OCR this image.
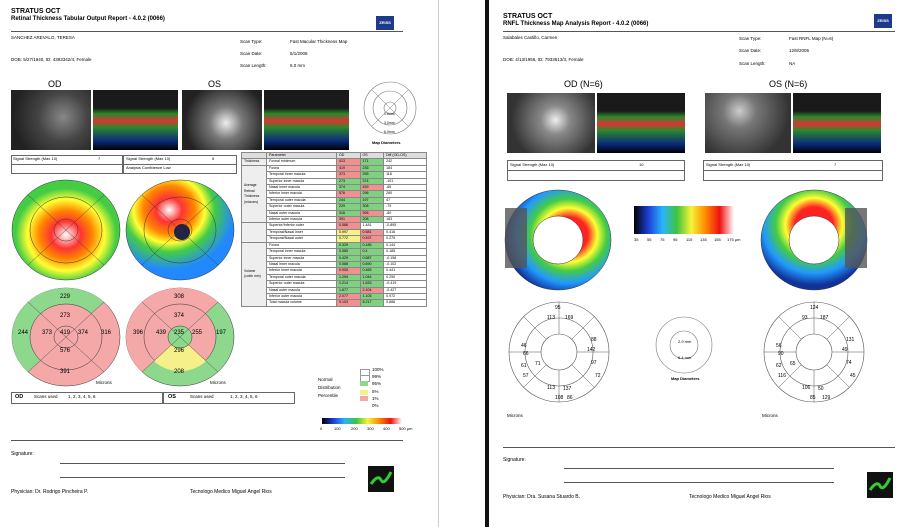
STRATUS OCT
Retinal Thickness Tabular Output Report - 4.0.2 (0066)
ZEISS
SANCHEZ AREVALO, TERESA
DOB: 5/27/1940, ID: 4393342/4, Female
Scan Type:	Fast Macular Thickness Map
Scan Date:	5/1/2006
Scan Length:	6.0 mm
OD	OS
1.0mm
3.0mm
6.0mm
Map Diameters
Signal Strength (Max 10)	7	Signal Strength (Max 10)	5
Analysis Confidence Low
229
273
244 373 419 374 316
576
391
308
374
396 439 235 255 197
296
208
Microns	Microns
	Parameter	OD	OS	Diff (OD-OS)
Thickness	Foveal minimum	413	171	242
Average Retinal Thickness (microns)	Fovea	419	235	184
	Temporal inner macula	373	255	118
	Superior inner macula	273	374	-101
	Nasal inner macula	374	439	-65
	Inferior inner macula	576	296	280
	Temporal outer macula	244	197	47
	Superior outer macula	229	308	-79
	Nasal outer macula	316	396	-80
	Inferior outer macula	391	208	183
	Superior/Inferior outer	0.586	1.481	-0.895
	Temporal/Nasal inner	0.997	0.581	0.416
	Temporal/Nasal outer	0.772	0.497	0.275
Volume (cubic mm)	Fovea	0.329	0.185	0.144
	Temporal inner macula	0.585	0.4	0.185
	Superior inner macula	0.429	0.587	-0.158
	Nasal inner macula	0.588	0.690	-0.102
	Inferior inner macula	0.905	0.465	0.441
	Temporal outer macula	1.294	1.044	0.250
	Superior outer macula	1.214	1.633	-0.419
	Nasal outer macula	1.677	2.104	-0.427
	Inferior outer macula	2.077	1.105	0.972
	Total macula volume	9.103	8.217	0.886
Normal
Distribution
Percentile
100%
99%
95%
5%
1%
0%
0	100	200 300 400 500 µm
OD Scans used 1, 2, 3, 4, 5, 6	OS	Scans used	1, 2, 3, 4, 5, 6
Signature:
Physician: Dr. Rodrigo Pincheira P.	Tecnologo Medico Miguel Angel Rios
STRATUS OCT
RNFL Thickness Map Analysis Report - 4.0.2 (0066)
ZEISS
Salabales Castillo, Carmen
DOB: 4/13/1956, ID: 7933613/3, Female
Scan Type:	Fast RNFL Map (N=6)
Scan Date:	12/8/2006
Scan Length:	NA
OD (N=6)	OS (N=6)
Signal Strength (Max 10)	10	Signal Strength (Max 10)	7
35 55 75 95 115 135 155 175 µm
95
113 169
88
142
97
72
137
86
113
108
57
61 71
46
66
124
93 187
131
49
74
45
50
129
106
85
116
62 65
56
90
2.9 mm
6.4 mm
Map Diameters
Microns	Microns
Signature:
Physician: Dra. Susana Stuardo B.	Tecnologo Medico Miguel Angel Rios
